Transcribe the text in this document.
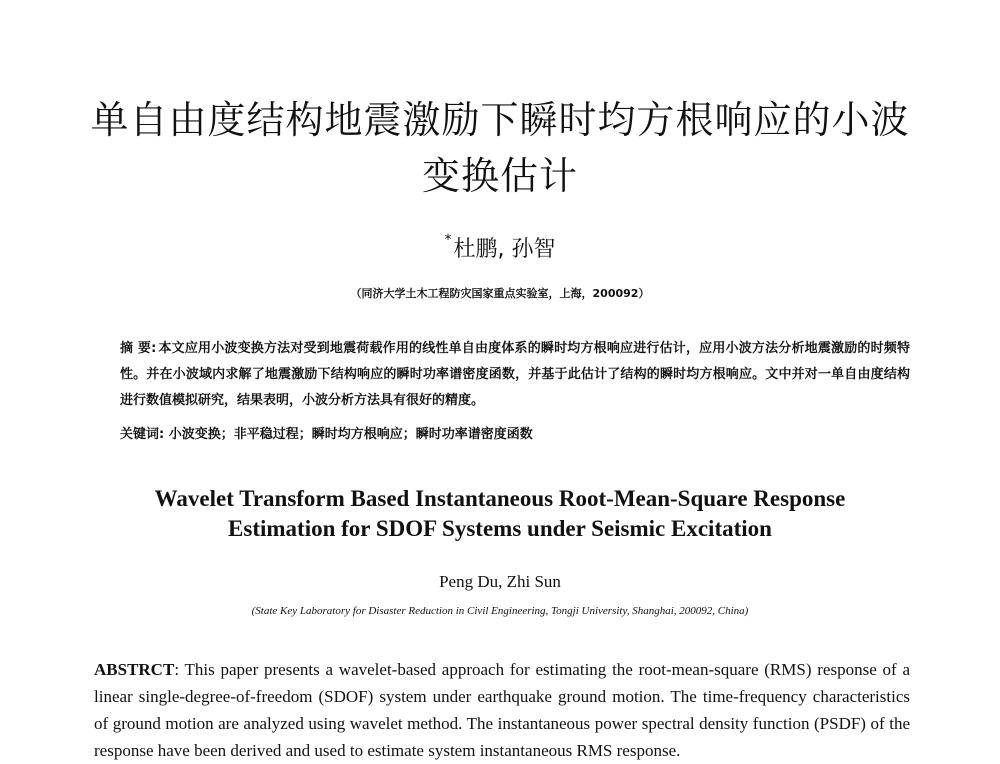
单自由度结构地震激励下瞬时均方根响应的小波
变换估计
*杜鹏, 孙智
（同济大学土木工程防灾国家重点实验室，上海，200092）
摘 要: 本文应用小波变换方法对受到地震荷载作用的线性单自由度体系的瞬时均方根响应进行估计，应用小波方法分析地震激励的时频特性。并在小波域内求解了地震激励下结构响应的瞬时功率谱密度函数，并基于此估计了结构的瞬时均方根响应。文中并对一单自由度结构进行数值模拟研究，结果表明，小波分析方法具有很好的精度。
关键词: 小波变换；非平稳过程；瞬时均方根响应；瞬时功率谱密度函数
Wavelet Transform Based Instantaneous Root-Mean-Square Response
Estimation for SDOF Systems under Seismic Excitation
Peng Du, Zhi Sun
(State Key Laboratory for Disaster Reduction in Civil Engineering, Tongji University, Shanghai, 200092, China)
ABSTRCT: This paper presents a wavelet-based approach for estimating the root-mean-square (RMS) response of a linear single-degree-of-freedom (SDOF) system under earthquake ground motion. The time-frequency characteristics of ground motion are analyzed using wavelet method. The instantaneous power spectral density function (PSDF) of the response have been derived and used to estimate system instantaneous RMS response.
